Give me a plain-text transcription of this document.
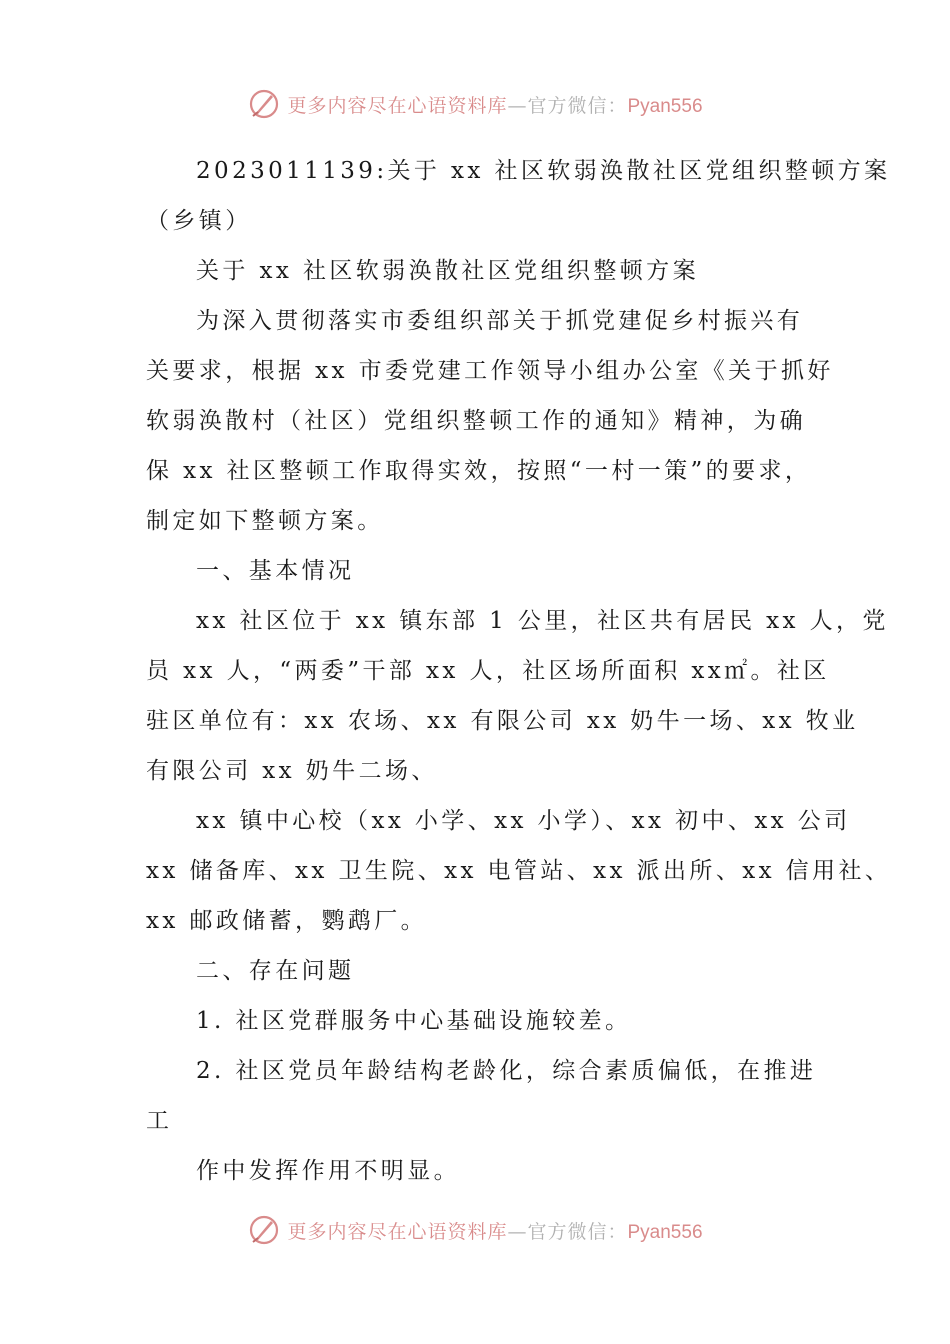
更多内容尽在心语资料库—官方微信：Pyan556
2023011139:关于 xx 社区软弱涣散社区党组织整顿方案
（乡镇）
关于 xx 社区软弱涣散社区党组织整顿方案
为深入贯彻落实市委组织部关于抓党建促乡村振兴有
关要求，根据 xx 市委党建工作领导小组办公室《关于抓好
软弱涣散村（社区）党组织整顿工作的通知》精神，为确
保 xx 社区整顿工作取得实效，按照“一村一策”的要求，
制定如下整顿方案。
一、基本情况
xx 社区位于 xx 镇东部 1 公里，社区共有居民 xx 人，党
员 xx 人，“两委”干部 xx 人，社区场所面积 xx㎡。社区
驻区单位有：xx 农场、xx 有限公司 xx 奶牛一场、xx 牧业
有限公司 xx 奶牛二场、
xx 镇中心校（xx 小学、xx 小学）、xx 初中、xx 公司
xx 储备库、xx 卫生院、xx 电管站、xx 派出所、xx 信用社、
xx 邮政储蓄，鹦鹉厂。
二、存在问题
1. 社区党群服务中心基础设施较差。
2. 社区党员年龄结构老龄化，综合素质偏低，在推进
工
作中发挥作用不明显。
更多内容尽在心语资料库—官方微信：Pyan556
